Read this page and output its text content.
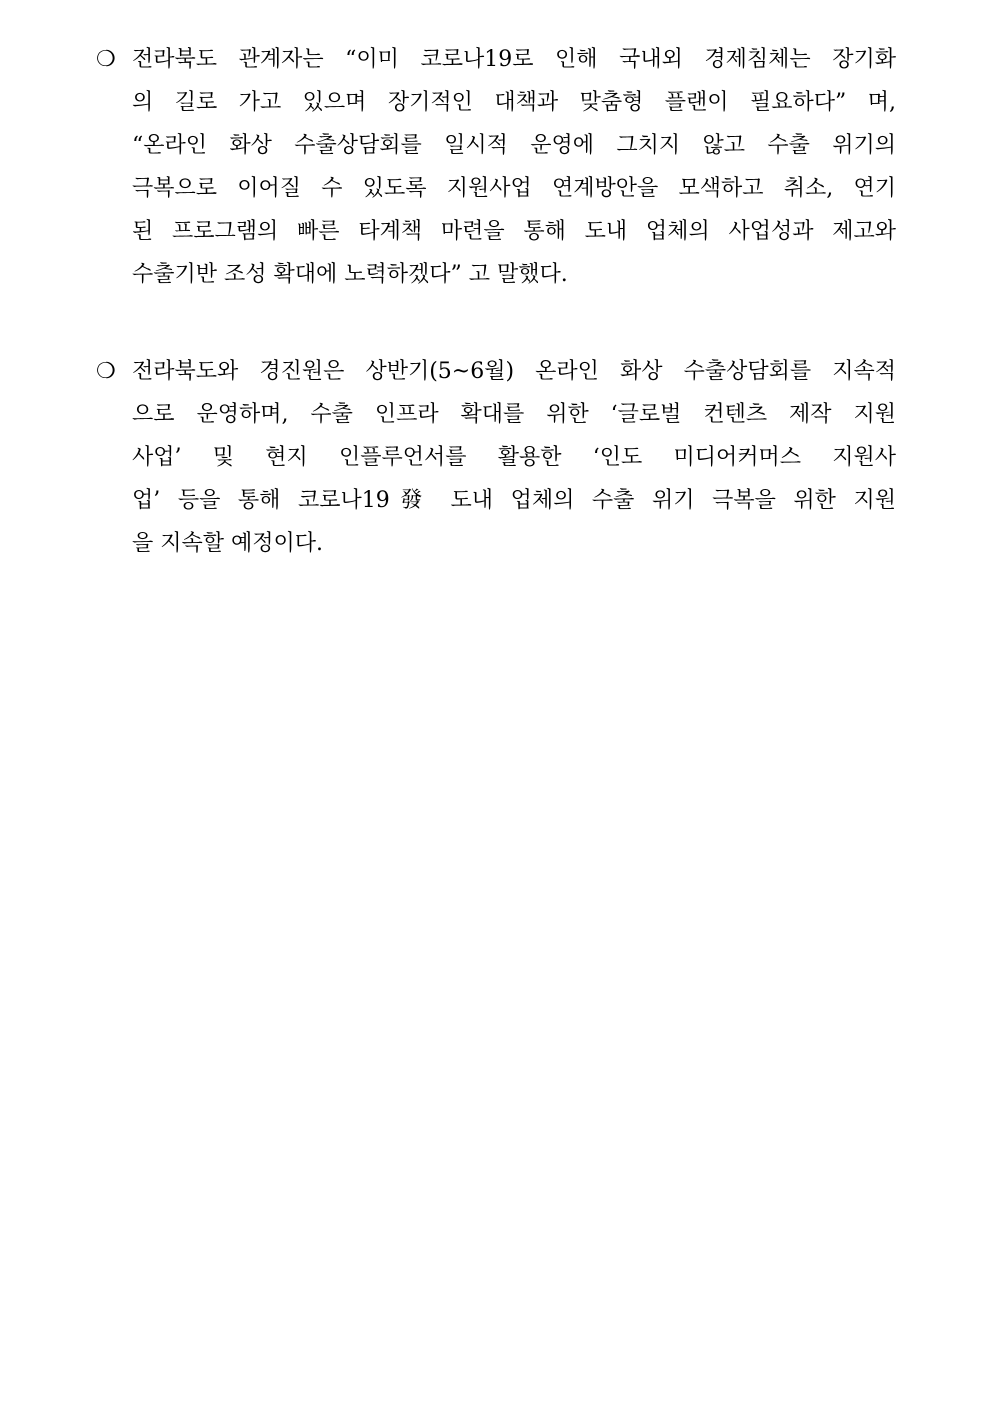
❍ 전라북도 관계자는 “이미 코로나19로 인해 국내외 경제침체는 장기화
의 길로 가고 있으며 장기적인 대책과 맞춤형 플랜이 필요하다” 며,
“온라인 화상 수출상담회를 일시적 운영에 그치지 않고 수출 위기의
극복으로 이어질 수 있도록 지원사업 연계방안을 모색하고 취소, 연기
된 프로그램의 빠른 타계책 마련을 통해 도내 업체의 사업성과 제고와
수출기반 조성 확대에 노력하겠다” 고 말했다.
❍ 전라북도와 경진원은 상반기(5~6월) 온라인 화상 수출상담회를 지속적
으로 운영하며, 수출 인프라 확대를 위한 ‘글로벌 컨텐츠 제작 지원
사업’ 및 현지 인플루언서를 활용한 ‘인도 미디어커머스 지원사
업’ 등을 통해 코로나19發 도내 업체의 수출 위기 극복을 위한 지원
을 지속할 예정이다.
